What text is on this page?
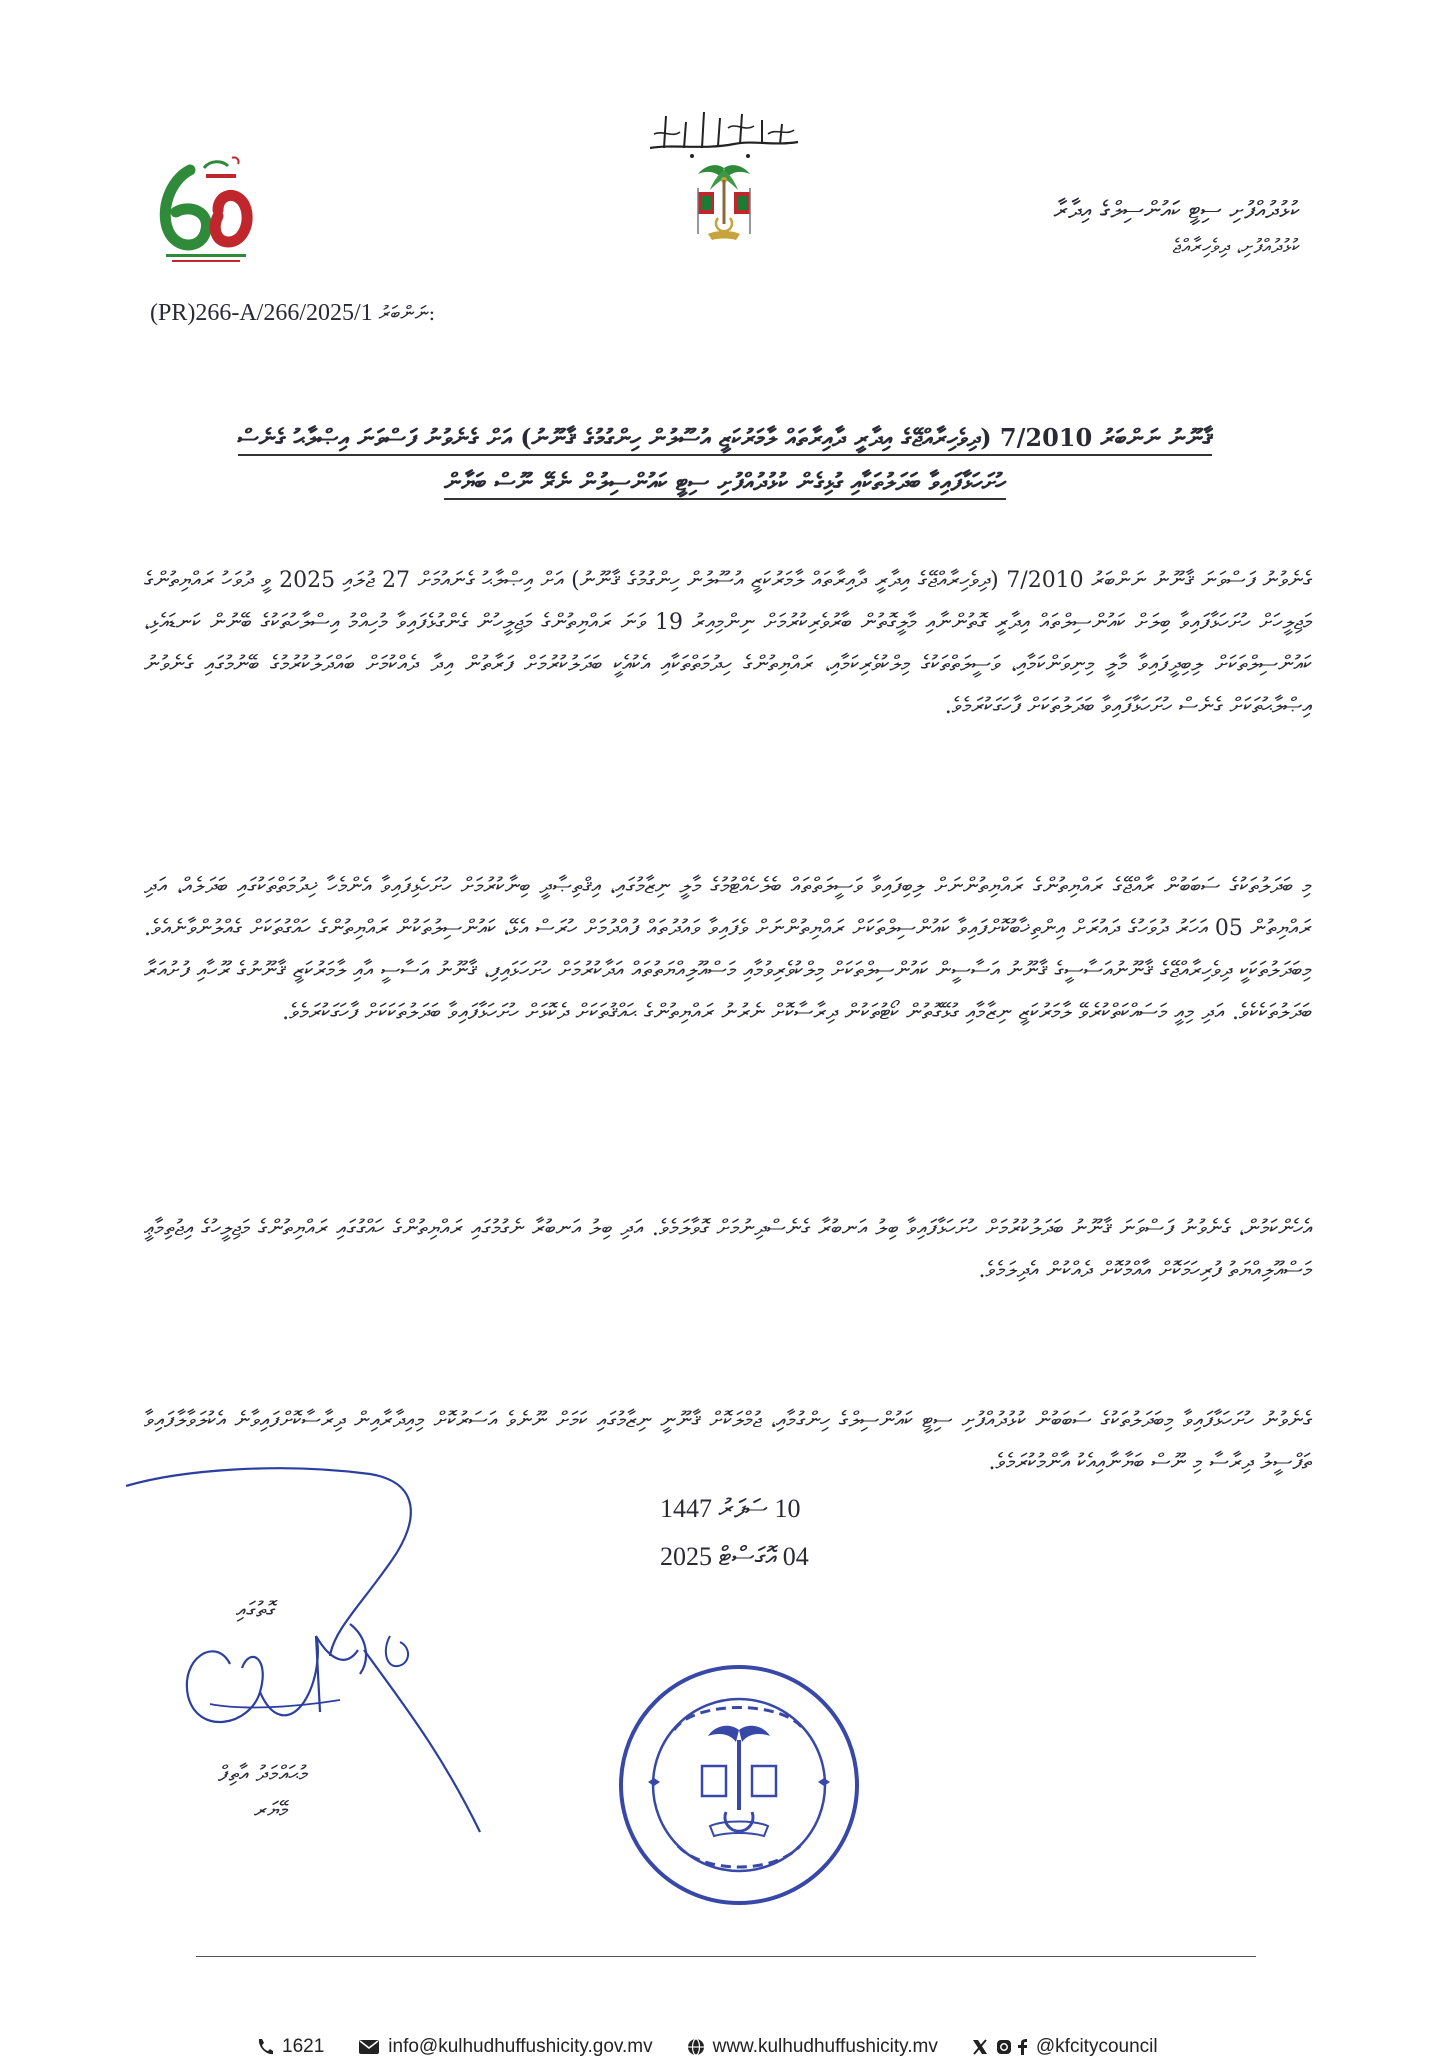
ކުޅުދުއްފުށި ސިޓީ ކައުންސިލްގެ އިދާރާ
ކުޅުދުއްފުށި، ދިވެހިރާއްޖެ
(PR)266-A/266/2025/1 ނަންބަރު:
ޤާނޫނު ނަންބަރު 7/2010 (ދިވެހިރާއްޖޭގެ އިދާރީ ދާއިރާތައް ލާމަރުކަޒީ އުސޫލުން ހިންގުމުގެ ޤާނޫނު) އަށް ގެނެވުނު ފަސްވަނަ އިޞްލާޙު ގެނެސް
ހުށަހަޅާފައިވާ ބަދަލުތަކާއި ގުޅިގެން ކުޅުދުއްފުށި ސިޓީ ކައުންސިލުން ނެރޭ ނޫސް ބަޔާން
ގެނެވުނު ފަސްވަނަ ޤާނޫނު ނަންބަރު 7/2010 (ދިވެހިރާއްޖޭގެ އިދާރީ ދާއިރާތައް ލާމަރުކަޒީ އުސޫލުން ހިންގުމުގެ ޤާނޫނު) އަށް އިޞްލާޙު ގެނައުމަށް 27 ޖުލައި 2025 ވީ ދުވަހު ރައްޔިތުންގެ މަޖިލީހަށް ހުށަހަޅާފައިވާ ބިލަށް ކައުންސިލްތައް އިދާރީ ގޮތުންނާއި މާލީގޮތުން ބާރުވެރިކުރުމަށް ނިންމިއިރު 19 ވަނަ ރައްޔިތުންގެ މަޖިލީހުން ގެންގުޅެފައިވާ މުހިއްމު އިސްލާހުތަކުގެ ބޭނުން ކަނޑައެޅި، ކައުންސިލްތަކަށް ލިބިދީފައިވާ މާލީ މިނިވަންކަމާއި، ވަސީލަތްތަކުގެ މިލްކުވެރިކަމާއި، ރައްޔިތުންގެ ހިދުމަތްތަކާއި އެކުއެކީ ބަދަލުކުރުމަށް ފަރާތުން އިދާ ދެއްކުމަށް ބައްދަލުކުރުމުގެ ބޭނުމުގައި ގެނެވުނު އިޞްލާޙުތަކަށް ގެނެސް ހުށަހަޅާފައިވާ ބަދަލުތަކަށް ފާހަގަކުރަމެވެ.
މި ބަދަލުތަކުގެ ސަބަބުން ރާއްޖޭގެ ރައްޔިތުންގެ ރައްޔިތުންނަށް ލިބިފައިވާ ވަސީލަތްތައް ބެލެހެއްޓުމުގެ މާލީ ނިޒާމުގައި، އިޤްތިޞާދީ ބިނާކުރުމަށް ހުށަހެޅިފައިވާ އެންމެހާ ޚިދުމަތްތަކުގައި ބަދަލެއް، އަދި ރައްޔިތުން 05 އަހަރު ދުވަހުގެ ދައުރަށް އިންތިޚާބުކޮށްފައިވާ ކައުންސިލްތަކަށް ރައްޔިތުންނަށް ވެފައިވާ ވައުދުތައް ފުއްދުމަށް ހުރަސް އެޅޭ، ކައުންސިލުތަކުން ރައްޔިތުންގެ ހައްގުތަކަށް ގެއްލުންވާނެއެވެ. މިބަދަލުތަކަކީ ދިވެހިރާއްޖޭގެ ޤާނޫނުއަސާސީގެ ޤާނޫނު އަސާސީން ކައުންސިލްތަކަށް މިލްކުވެރިވުމާއި މަސްއޫލިއްޔަތުތައް އަދާކުރުމަށް ހުށަހަޅައިފި، ޤާނޫނު އަސާސީ އާއި ލާމަރުކަޒީ ޤާނޫނުގެ ރޫހާއި ފުށުއަރާ ބަދަލުތަކެކެވެ. އަދި މިއީ މަސައްކަތްކުރެވޭ ލާމަރުކަޒީ ނިޒާމާއި ގުޅޭގޮތުން ކޯޓުތަކުން ދިރާސާކޮށް ނެރުނު ރައްޔިތުންގެ ޙައްޤުތަކަށް ދެކޮޅަށް ހުށަހަޅާފައިވާ ބަދަލުތަކަކަށް ފާހަގަކުރަމެވެ.
އެހެންކަމުން، ގެނެވުނު ފަސްވަނަ ޤާނޫނު ބަދަލުކުރުމަށް ހުށަހަޅާފައިވާ ބިލު އަނބުރާ ގެނެސްދިނުމަށް ގޮވާލަމެވެ. އަދި ބިލު އަނބުރާ ނެގުމުގައި ރައްޔިތުންގެ ހައްގުގައި ރައްޔިތުންގެ މަޖިލީހުގެ އިޖުތިމާޢީ މަސްއޫލިއްޔަތު ފުރިހަމަކޮށް އާއްމުކޮށް ދެއްކުން އެދިލަމެވެ.
ގެނެވުނު ހުށަހަޅާފައިވާ މިބަދަލުތަކުގެ ސަބަބުން ކުޅުދުއްފުށި ސިޓީ ކައުންސިލްގެ ހިންގުމާއި، ޖުމްލަކޮށް ޤާނޫނީ ނިޒާމުގައި ކަމަށް ނޫނެވެ އަސަރުކޮށް މިއިދާރާއިން ދިރާސާކޮށްފައިވާނެ އެކުލަވާލާފައިވާ ތަފްސީލު ދިރާސާ މި ނޫސް ބަޔާނާއިއެކު އާންމުކުރަމެވެ.
10 ސަފަރު 1447
04 އޮގަސްޓް 2025
ގޮތުގައި
މުޙައްމަދު އާތިފް
މޭޔަރ
1621	info@kulhudhuffushicity.gov.mv	www.kulhudhuffushicity.mv	@kfcitycouncil
